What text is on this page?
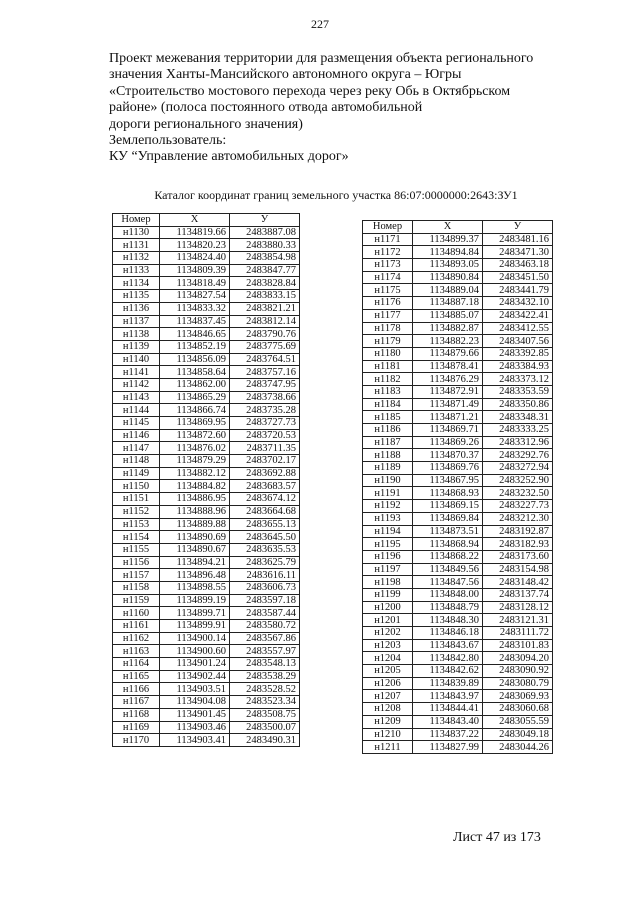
227
Проект межевания территории для размещения объекта регионального
значения Ханты-Мансийского автономного округа – Югры
«Строительство мостового перехода через реку Обь в Октябрьском
районе» (полоса постоянного отвода автомобильной
дороги регионального значения)
Землепользователь:
КУ “Управление автомобильных дорог»
Каталог координат границ земельного участка 86:07:0000000:2643:ЗУ1
Номер	X	У
н1130	1134819.66	2483887.08
н1131	1134820.23	2483880.33
н1132	1134824.40	2483854.98
н1133	1134809.39	2483847.77
н1134	1134818.49	2483828.84
н1135	1134827.54	2483833.15
н1136	1134833.32	2483821.21
н1137	1134837.45	2483812.14
н1138	1134846.65	2483790.76
н1139	1134852.19	2483775.69
н1140	1134856.09	2483764.51
н1141	1134858.64	2483757.16
н1142	1134862.00	2483747.95
н1143	1134865.29	2483738.66
н1144	1134866.74	2483735.28
н1145	1134869.95	2483727.73
н1146	1134872.60	2483720.53
н1147	1134876.02	2483711.35
н1148	1134879.29	2483702.17
н1149	1134882.12	2483692.88
н1150	1134884.82	2483683.57
н1151	1134886.95	2483674.12
н1152	1134888.96	2483664.68
н1153	1134889.88	2483655.13
н1154	1134890.69	2483645.50
н1155	1134890.67	2483635.53
н1156	1134894.21	2483625.79
н1157	1134896.48	2483616.11
н1158	1134898.55	2483606.73
н1159	1134899.19	2483597.18
н1160	1134899.71	2483587.44
н1161	1134899.91	2483580.72
н1162	1134900.14	2483567.86
н1163	1134900.60	2483557.97
н1164	1134901.24	2483548.13
н1165	1134902.44	2483538.29
н1166	1134903.51	2483528.52
н1167	1134904.08	2483523.34
н1168	1134901.45	2483508.75
н1169	1134903.46	2483500.07
н1170	1134903.41	2483490.31
Номер	X	У
н1171	1134899.37	2483481.16
н1172	1134894.84	2483471.30
н1173	1134893.05	2483463.18
н1174	1134890.84	2483451.50
н1175	1134889.04	2483441.79
н1176	1134887.18	2483432.10
н1177	1134885.07	2483422.41
н1178	1134882.87	2483412.55
н1179	1134882.23	2483407.56
н1180	1134879.66	2483392.85
н1181	1134878.41	2483384.93
н1182	1134876.29	2483373.12
н1183	1134872.91	2483353.59
н1184	1134871.49	2483350.86
н1185	1134871.21	2483348.31
н1186	1134869.71	2483333.25
н1187	1134869.26	2483312.96
н1188	1134870.37	2483292.76
н1189	1134869.76	2483272.94
н1190	1134867.95	2483252.90
н1191	1134868.93	2483232.50
н1192	1134869.15	2483227.73
н1193	1134869.84	2483212.30
н1194	1134873.51	2483192.87
н1195	1134868.94	2483182.93
н1196	1134868.22	2483173.60
н1197	1134849.56	2483154.98
н1198	1134847.56	2483148.42
н1199	1134848.00	2483137.74
н1200	1134848.79	2483128.12
н1201	1134848.30	2483121.31
н1202	1134846.18	2483111.72
н1203	1134843.67	2483101.83
н1204	1134842.80	2483094.20
н1205	1134842.62	2483090.92
н1206	1134839.89	2483080.79
н1207	1134843.97	2483069.93
н1208	1134844.41	2483060.68
н1209	1134843.40	2483055.59
н1210	1134837.22	2483049.18
н1211	1134827.99	2483044.26
Лист 47 из 173
